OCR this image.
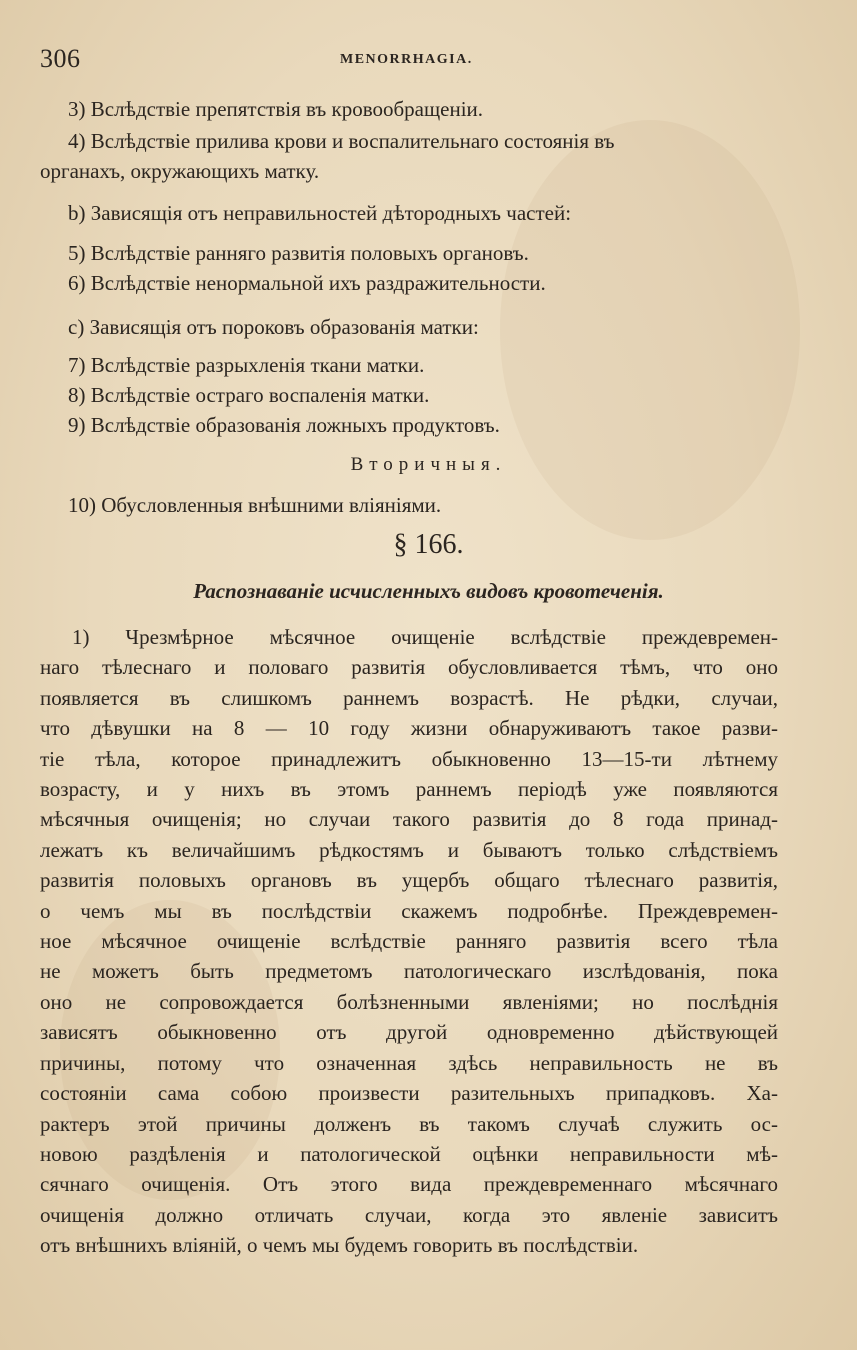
306	MENORRHAGIA.
3) Вслѣдствіе препятствія въ кровообращеніи.
4) Вслѣдствіе прилива крови и воспалительнаго состоянія въ
органахъ, окружающихъ матку.
b) Зависящія отъ неправильностей дѣтородныхъ частей:
5) Вслѣдствіе ранняго развитія половыхъ органовъ.
6) Вслѣдствіе ненормальной ихъ раздражительности.
c) Зависящія отъ пороковъ образованія матки:
7) Вслѣдствіе разрыхленія ткани матки.
8) Вслѣдствіе остраго воспаленія матки.
9) Вслѣдствіе образованія ложныхъ продуктовъ.
Вторичныя.
10) Обусловленныя внѣшними вліяніями.
§ 166.
Распознаваніе исчисленныхъ видовъ кровотеченія.
1) Чрезмѣрное мѣсячное очищеніе вслѣдствіе преждевремен-
наго тѣлеснаго и половаго развитія обусловливается тѣмъ, что оно
появляется въ слишкомъ раннемъ возрастѣ. Не рѣдки, случаи,
что дѣвушки на 8 — 10 году жизни обнаруживаютъ такое разви-
тіе тѣла, которое принадлежитъ обыкновенно 13—15-ти лѣтнему
возрасту, и у нихъ въ этомъ раннемъ періодѣ уже появляются
мѣсячныя очищенія; но случаи такого развитія до 8 года принад-
лежатъ къ величайшимъ рѣдкостямъ и бываютъ только слѣдствіемъ
развитія половыхъ органовъ въ ущербъ общаго тѣлеснаго развитія,
о чемъ мы въ послѣдствіи скажемъ подробнѣе. Преждевремен-
ное мѣсячное очищеніе вслѣдствіе ранняго развитія всего тѣла
не можетъ быть предметомъ патологическаго изслѣдованія, пока
оно не сопровождается болѣзненными явленіями; но послѣднія
зависятъ обыкновенно отъ другой одновременно дѣйствующей
причины, потому что означенная здѣсь неправильность не въ
состояніи сама собою произвести разительныхъ припадковъ. Ха-
рактеръ этой причины долженъ въ такомъ случаѣ служить ос-
новою раздѣленія и патологической оцѣнки неправильности мѣ-
сячнаго очищенія. Отъ этого вида преждевременнаго мѣсячнаго
очищенія должно отличать случаи, когда это явленіе зависитъ
отъ внѣшнихъ вліяній, о чемъ мы будемъ говорить въ послѣдствіи.
